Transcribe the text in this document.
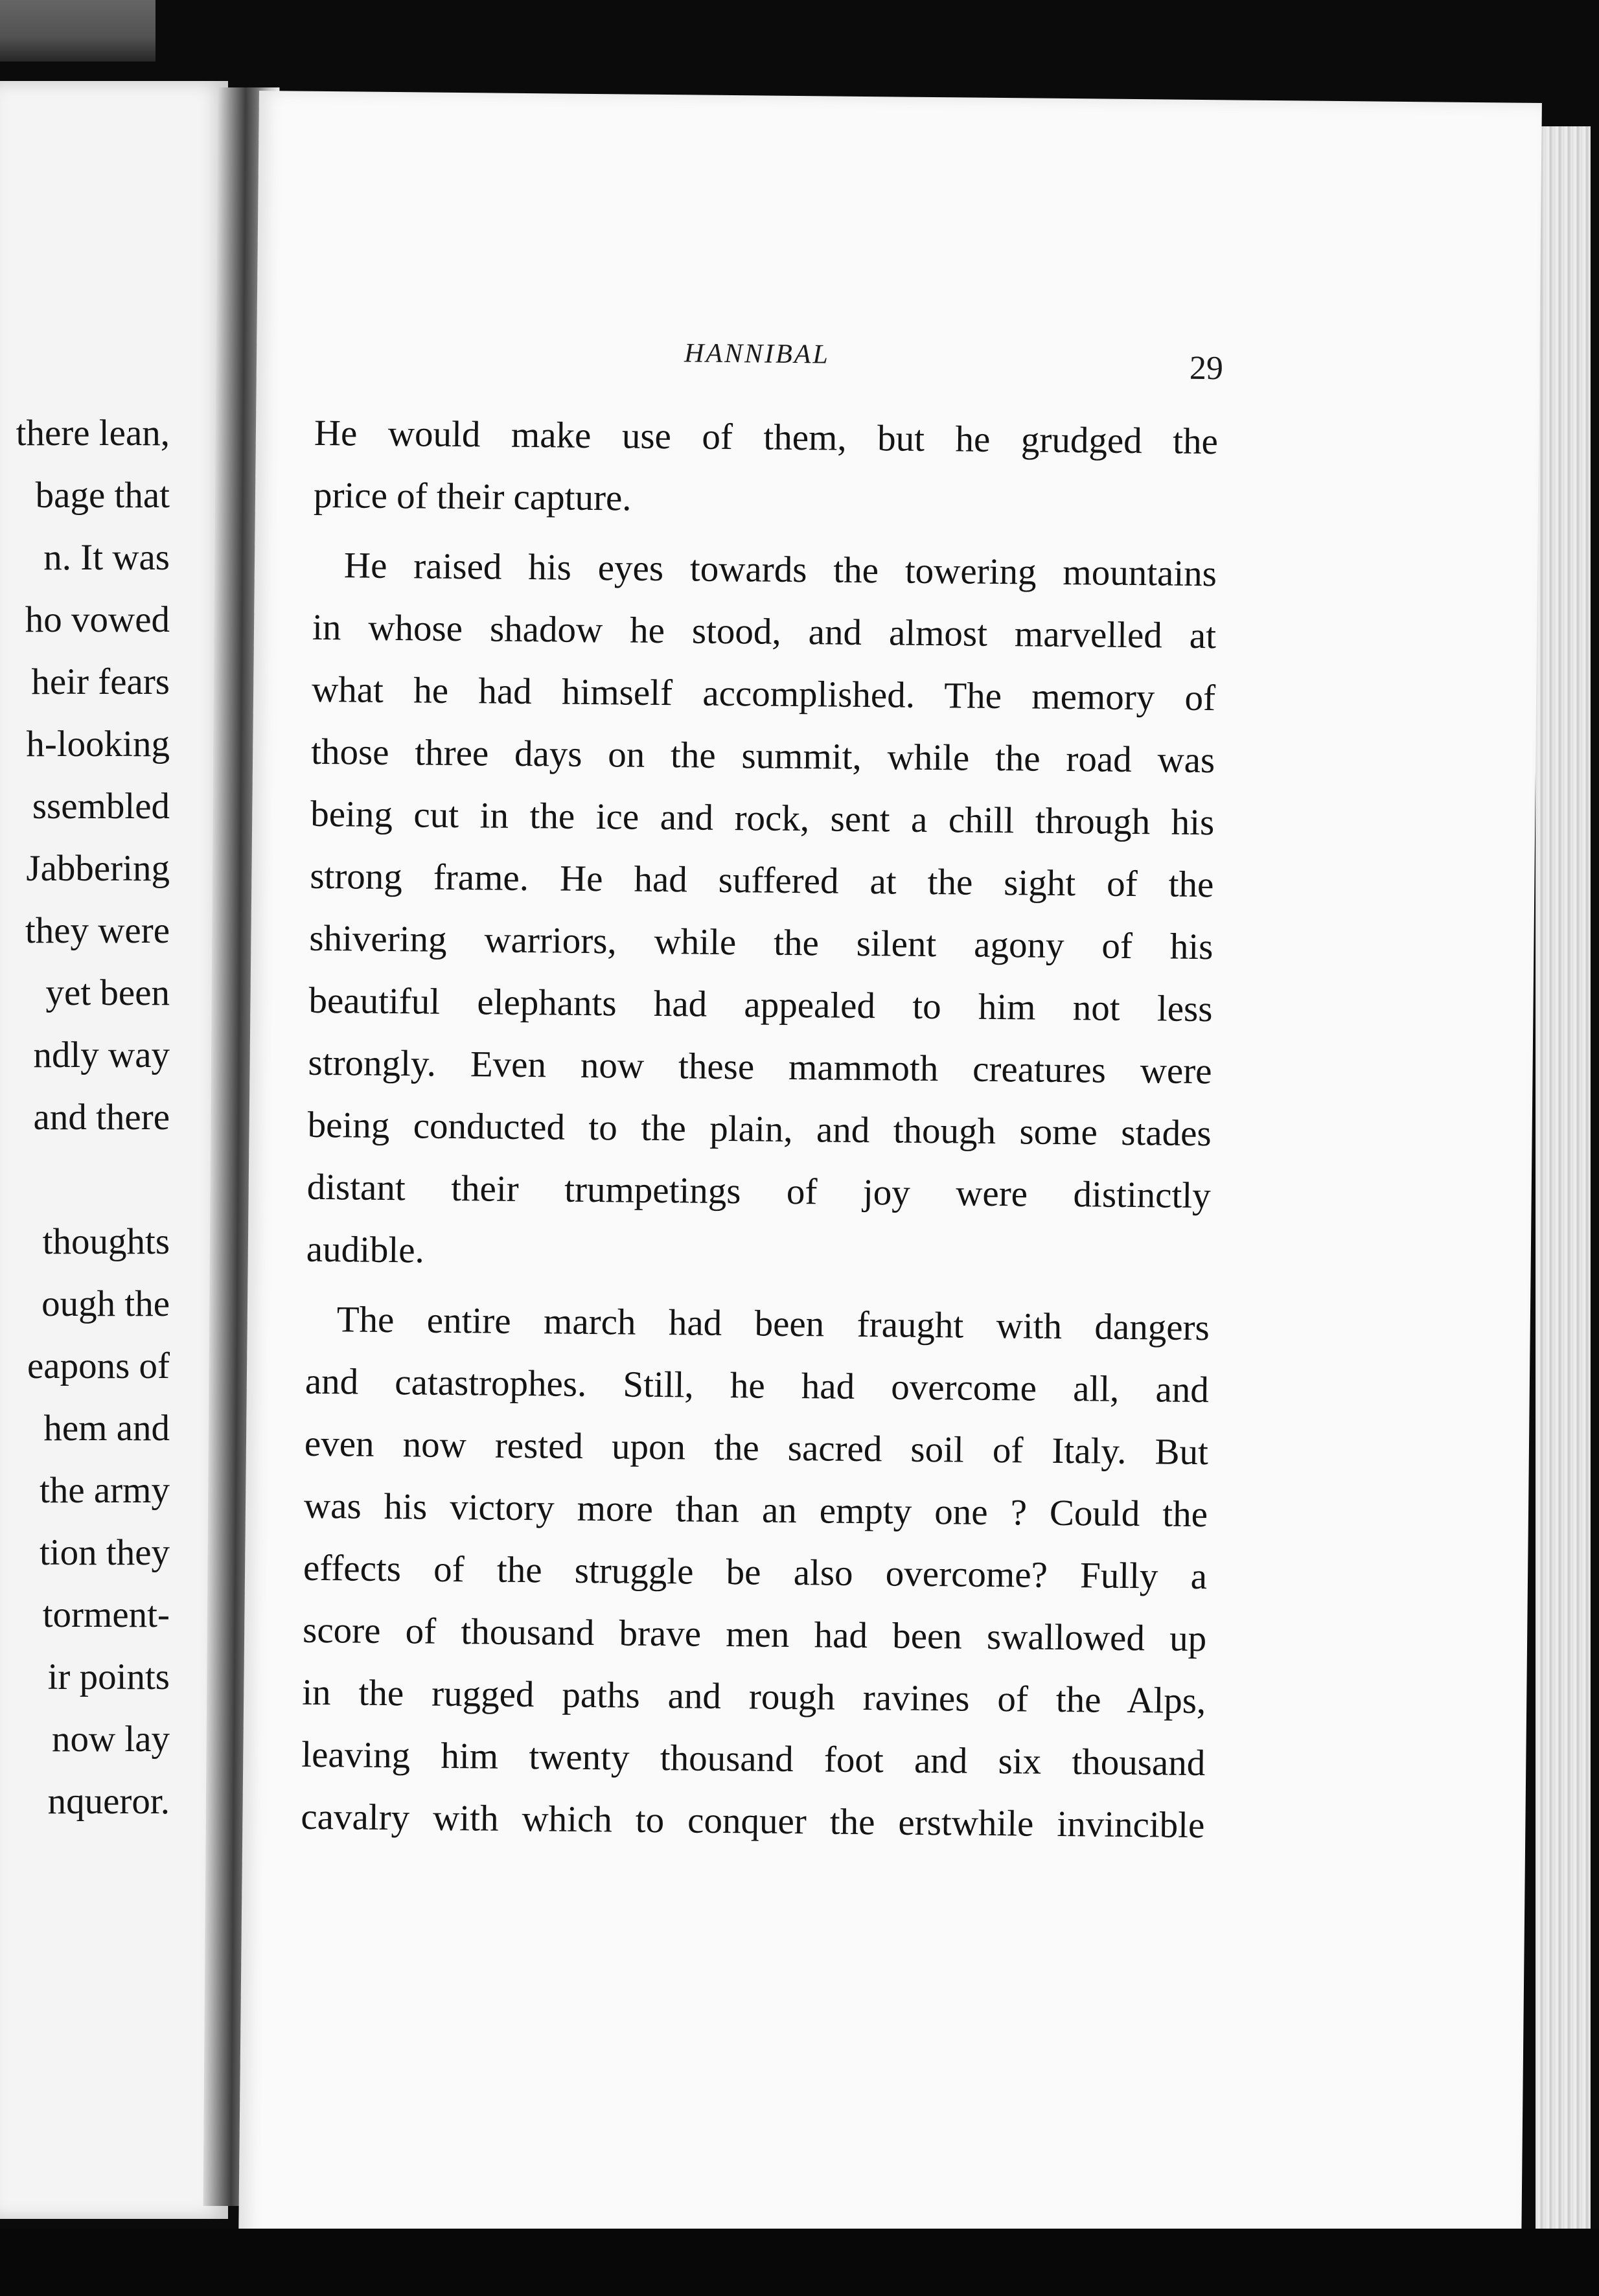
there lean,

bage that

n. It was

ho vowed

heir fears

h-looking

ssembled

Jabbering

they were

yet been

ndly way

and there

thoughts

ough the

eapons of

hem and

the army

tion they

torment-

ir points

now lay

nqueror.

HANNIBAL	29

He would make use of them, but he grudged the
price of their capture.
He raised his eyes towards the towering mountains
in whose shadow he stood, and almost marvelled at
what he had himself accomplished. The memory of
those three days on the summit, while the road was
being cut in the ice and rock, sent a chill through his
strong frame. He had suffered at the sight of the
shivering warriors, while the silent agony of his
beautiful elephants had appealed to him not less
strongly. Even now these mammoth creatures were
being conducted to the plain, and though some stades
distant their trumpetings of joy were distinctly
audible.
The entire march had been fraught with dangers
and catastrophes. Still, he had overcome all, and
even now rested upon the sacred soil of Italy. But
was his victory more than an empty one ? Could the
effects of the struggle be also overcome? Fully a
score of thousand brave men had been swallowed up
in the rugged paths and rough ravines of the Alps,
leaving him twenty thousand foot and six thousand
cavalry with which to conquer the erstwhile invincible
